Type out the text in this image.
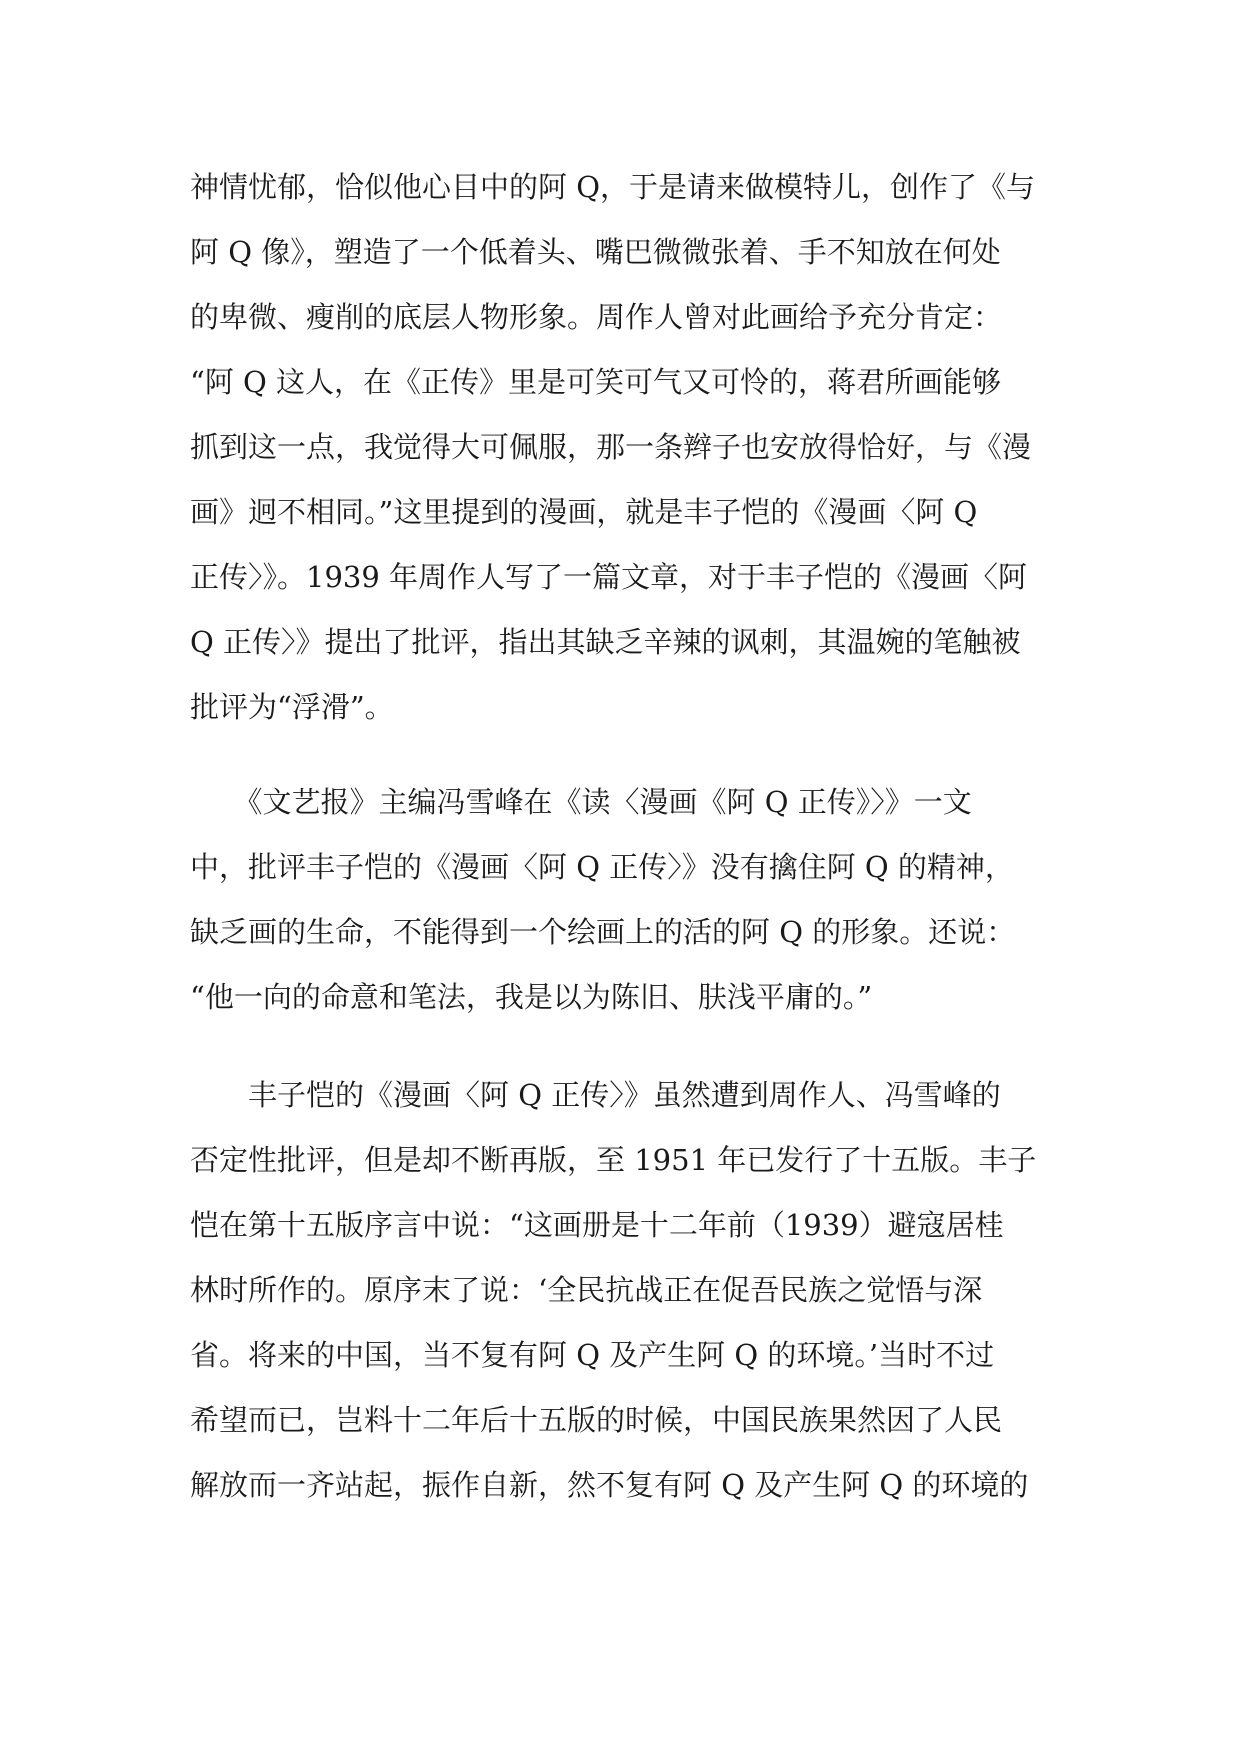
神情忧郁，恰似他心目中的阿 Q，于是请来做模特儿，创作了《与
阿 Q 像》，塑造了一个低着头、嘴巴微微张着、手不知放在何处
的卑微、瘦削的底层人物形象。周作人曾对此画给予充分肯定：
“阿 Q 这人，在《正传》里是可笑可气又可怜的，蒋君所画能够
抓到这一点，我觉得大可佩服，那一条辫子也安放得恰好，与《漫
画》迥不相同。”这里提到的漫画，就是丰子恺的《漫画〈阿 Q
正传〉》。1939 年周作人写了一篇文章，对于丰子恺的《漫画〈阿
Q 正传〉》提出了批评，指出其缺乏辛辣的讽刺，其温婉的笔触被
批评为“浮滑”。
　　《文艺报》主编冯雪峰在《读〈漫画《阿 Q 正传》〉》一文
中，批评丰子恺的《漫画〈阿 Q 正传〉》没有擒住阿 Q 的精神，
缺乏画的生命，不能得到一个绘画上的活的阿 Q 的形象。还说：
“他一向的命意和笔法，我是以为陈旧、肤浅平庸的。”
　　丰子恺的《漫画〈阿 Q 正传〉》虽然遭到周作人、冯雪峰的
否定性批评，但是却不断再版，至 1951 年已发行了十五版。丰子
恺在第十五版序言中说：“这画册是十二年前（1939）避寇居桂
林时所作的。原序末了说：‘全民抗战正在促吾民族之觉悟与深
省。将来的中国，当不复有阿 Q 及产生阿 Q 的环境。’当时不过
希望而已，岂料十二年后十五版的时候，中国民族果然因了人民
解放而一齐站起，振作自新，然不复有阿 Q 及产生阿 Q 的环境的
